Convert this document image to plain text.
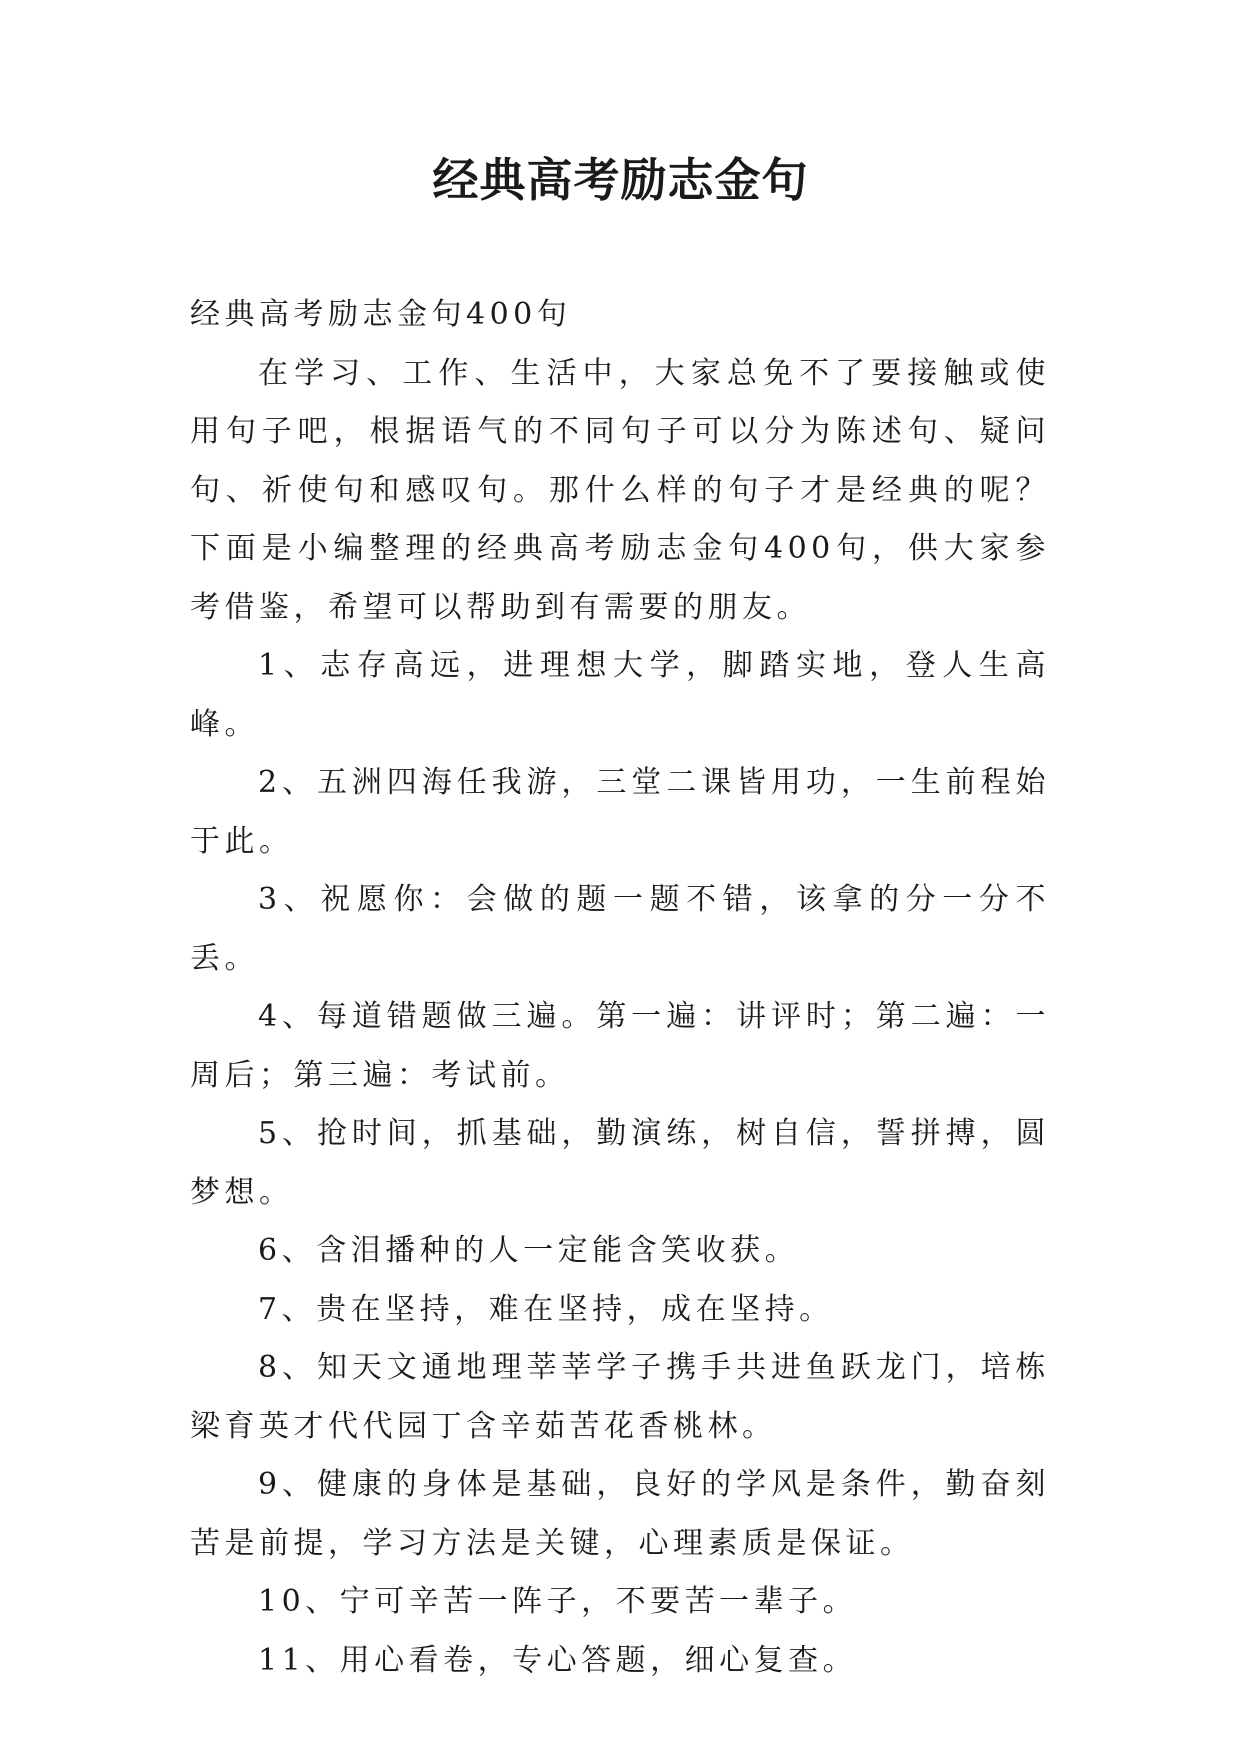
经典高考励志金句

经典高考励志金句400句

在学习、工作、生活中，大家总免不了要接触或使用句子吧，根据语气的不同句子可以分为陈述句、疑问句、祈使句和感叹句。那什么样的句子才是经典的呢？下面是小编整理的经典高考励志金句400句，供大家参考借鉴，希望可以帮助到有需要的朋友。

1、志存高远，进理想大学，脚踏实地，登人生高峰。

2、五洲四海任我游，三堂二课皆用功，一生前程始于此。

3、祝愿你：会做的题一题不错，该拿的分一分不丢。

4、每道错题做三遍。第一遍：讲评时；第二遍：一周后；第三遍：考试前。

5、抢时间，抓基础，勤演练，树自信，誓拼搏，圆梦想。

6、含泪播种的人一定能含笑收获。

7、贵在坚持，难在坚持，成在坚持。

8、知天文通地理莘莘学子携手共进鱼跃龙门，培栋梁育英才代代园丁含辛茹苦花香桃林。

9、健康的身体是基础，良好的学风是条件，勤奋刻苦是前提，学习方法是关键，心理素质是保证。

10、宁可辛苦一阵子，不要苦一辈子。

11、用心看卷，专心答题，细心复查。
